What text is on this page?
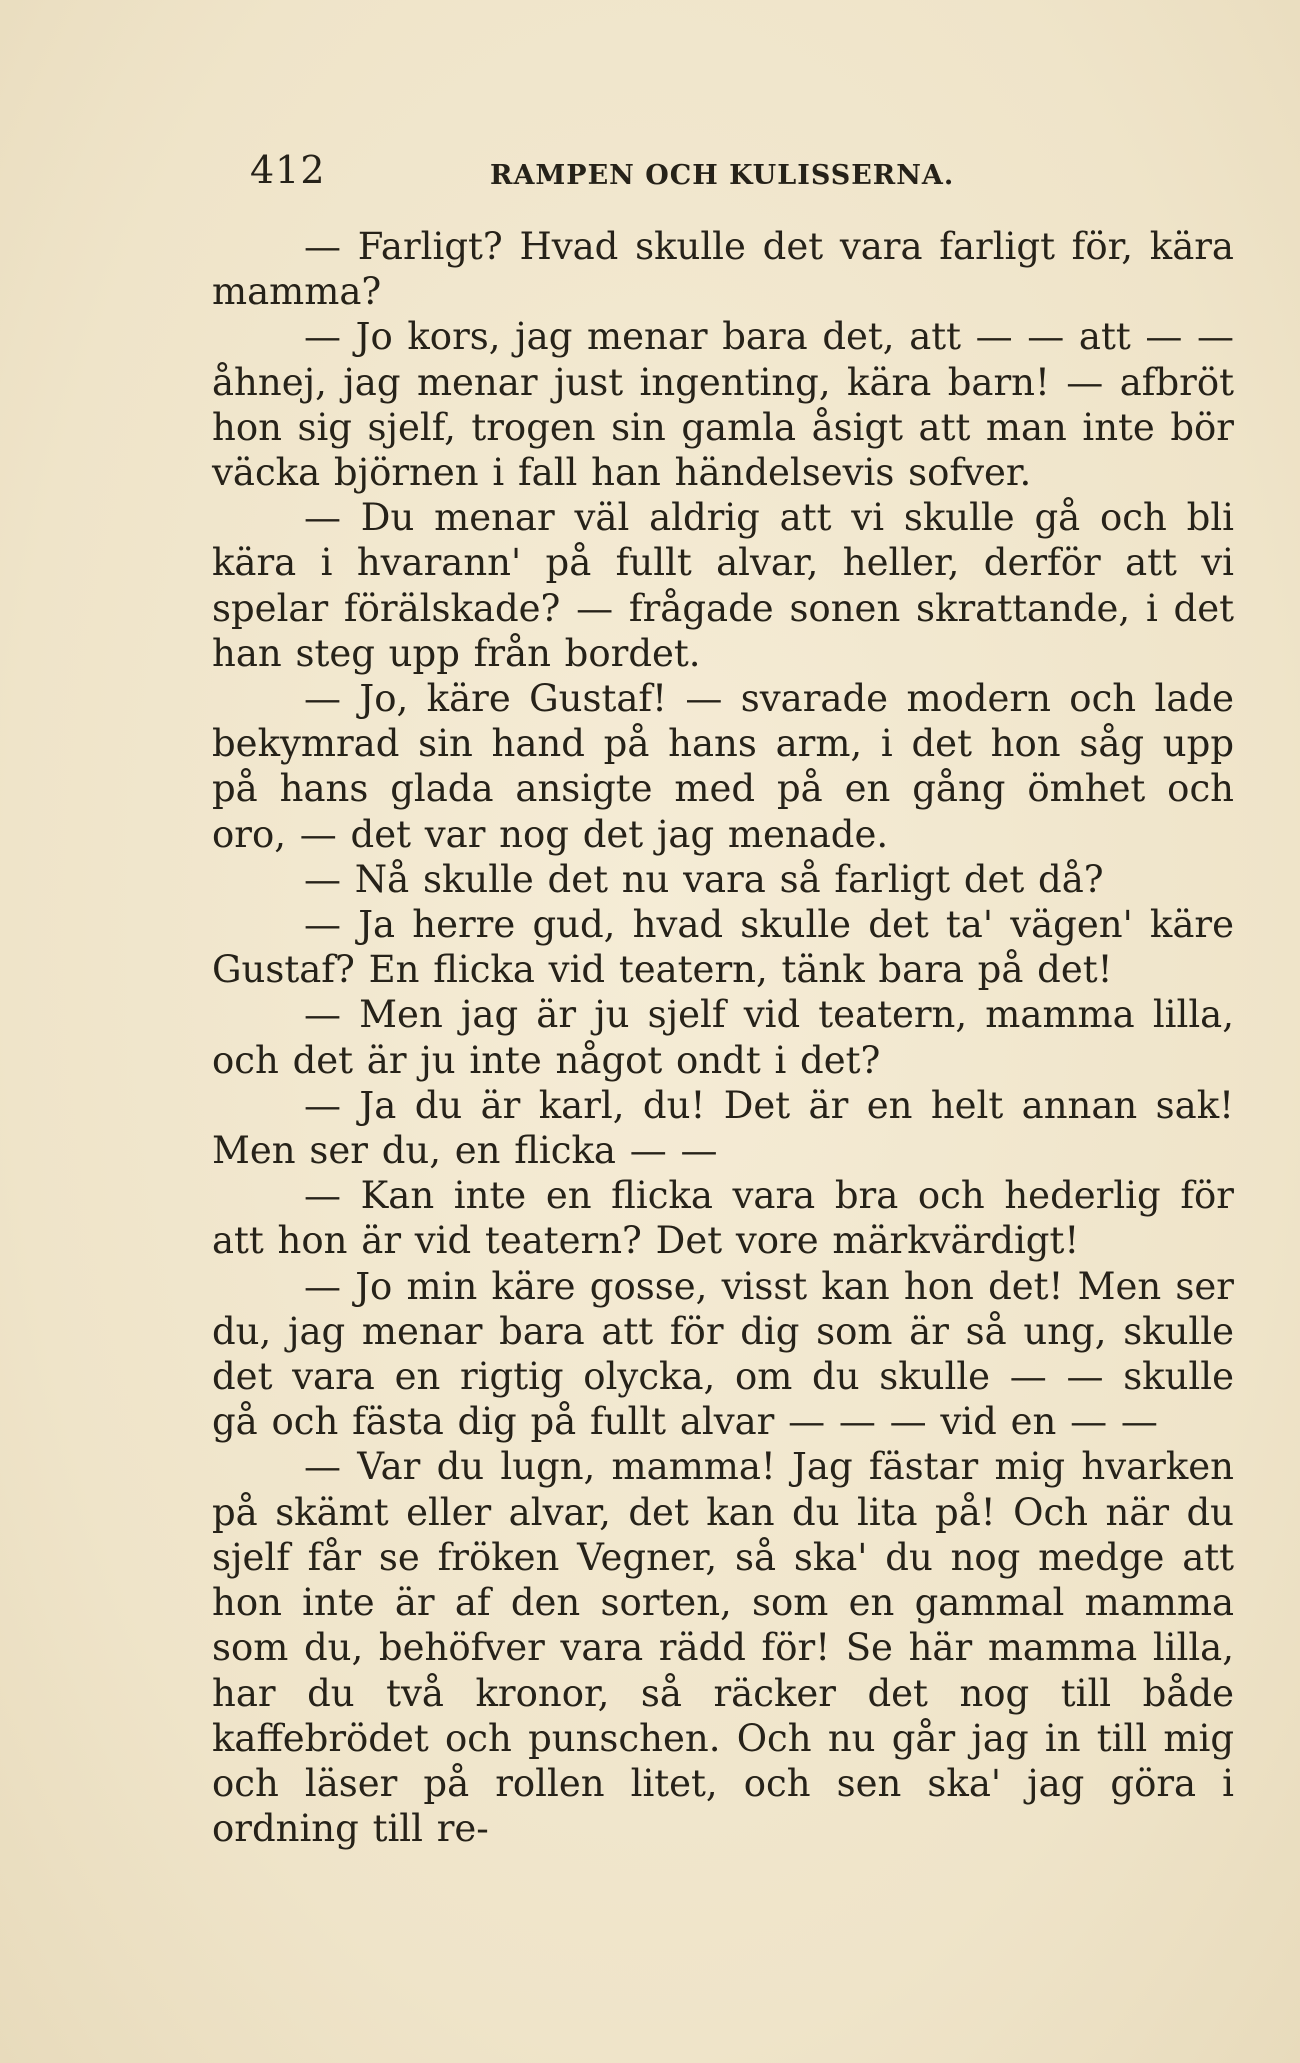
412	RAMPEN OCH KULISSERNA.

— Farligt? Hvad skulle det vara farligt för, kära mamma?

— Jo kors, jag menar bara det, att — — att — — åhnej, jag menar just ingenting, kära barn! — afbröt hon sig sjelf, trogen sin gamla åsigt att man inte bör väcka björnen i fall han händelsevis sofver.

— Du menar väl aldrig att vi skulle gå och bli kära i hvarann' på fullt alvar, heller, derför att vi spelar förälskade? — frågade sonen skrattande, i det han steg upp från bordet.

— Jo, käre Gustaf! — svarade modern och lade bekymrad sin hand på hans arm, i det hon såg upp på hans glada ansigte med på en gång ömhet och oro, — det var nog det jag menade.

— Nå skulle det nu vara så farligt det då?

— Ja herre gud, hvad skulle det ta' vägen' käre Gustaf? En flicka vid teatern, tänk bara på det!

— Men jag är ju sjelf vid teatern, mamma lilla, och det är ju inte något ondt i det?

— Ja du är karl, du! Det är en helt annan sak! Men ser du, en flicka — —

— Kan inte en flicka vara bra och hederlig för att hon är vid teatern? Det vore märkvärdigt!

— Jo min käre gosse, visst kan hon det! Men ser du, jag menar bara att för dig som är så ung, skulle det vara en rigtig olycka, om du skulle — — skulle gå och fästa dig på fullt alvar — — — vid en — —

— Var du lugn, mamma! Jag fästar mig hvarken på skämt eller alvar, det kan du lita på! Och när du sjelf får se fröken Vegner, så ska' du nog medge att hon inte är af den sorten, som en gammal mamma som du, behöfver vara rädd för! Se här mamma lilla, har du två kronor, så räcker det nog till både kaffebrödet och punschen. Och nu går jag in till mig och läser på rollen litet, och sen ska' jag göra i ordning till re-
